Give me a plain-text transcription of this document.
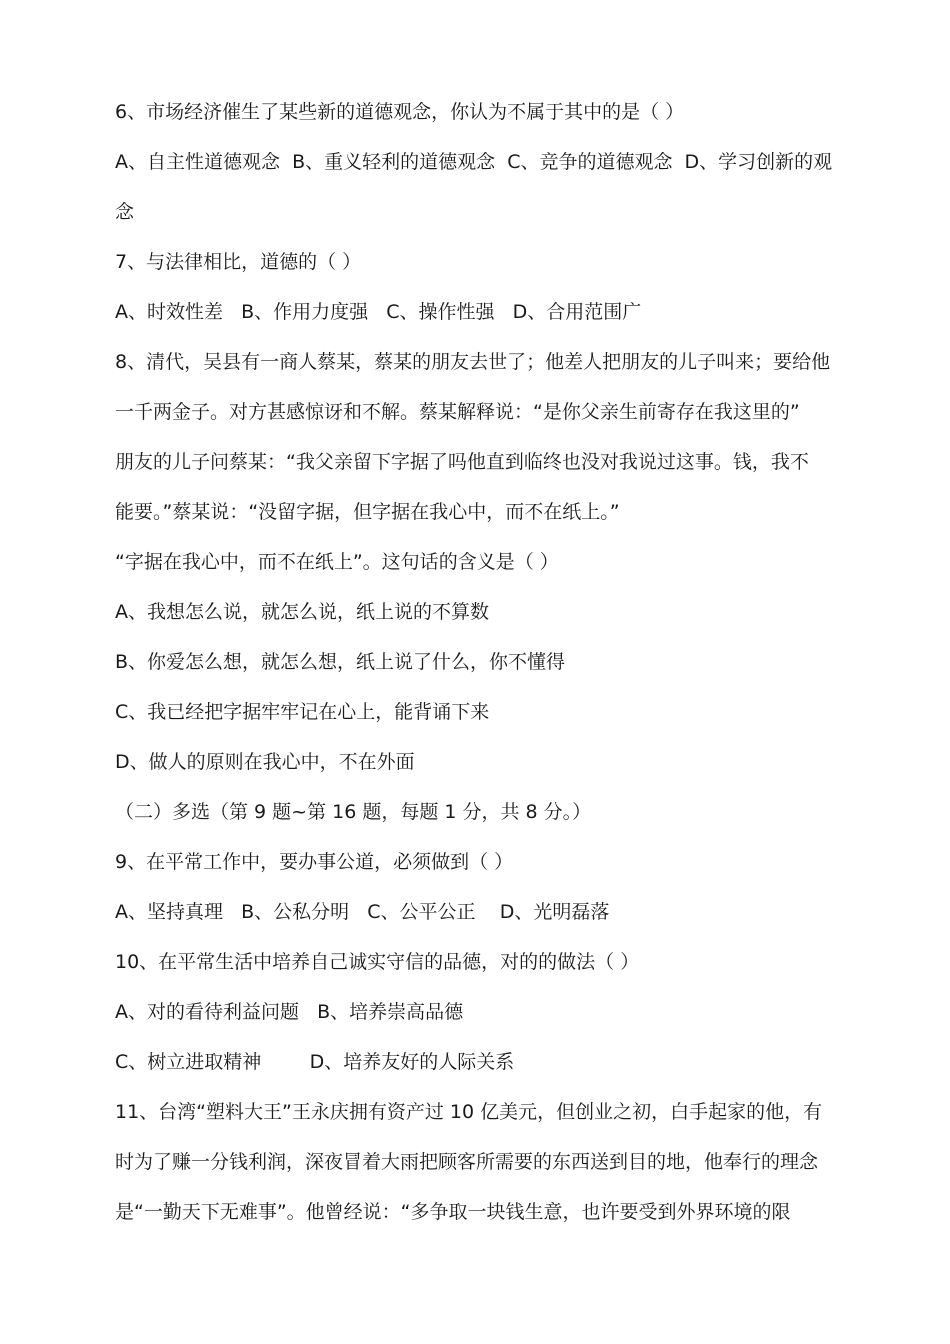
6、市场经济催生了某些新的道德观念，你认为不属于其中的是（ ）
A、自主性道德观念  B、重义轻利的道德观念  C、竞争的道德观念  D、学习创新的观
念
7、与法律相比，道德的（ ）
A、时效性差   B、作用力度强   C、操作性强   D、合用范围广
8、清代，吴县有一商人蔡某，蔡某的朋友去世了；他差人把朋友的儿子叫来；要给他
一千两金子。对方甚感惊讶和不解。蔡某解释说：“是你父亲生前寄存在我这里的”
朋友的儿子问蔡某：“我父亲留下字据了吗他直到临终也没对我说过这事。钱，我不
能要。”蔡某说：“没留字据，但字据在我心中，而不在纸上。”
“字据在我心中，而不在纸上”。这句话的含义是（ ）
A、我想怎么说，就怎么说，纸上说的不算数
B、你爱怎么想，就怎么想，纸上说了什么，你不懂得
C、我已经把字据牢牢记在心上，能背诵下来
D、做人的原则在我心中，不在外面
（二）多选（第 9 题~第 16 题，每题 1 分，共 8 分。）
9、在平常工作中，要办事公道，必须做到（ ）
A、坚持真理   B、公私分明   C、公平公正    D、光明磊落
10、在平常生活中培养自己诚实守信的品德，对的的做法（ ）
A、对的看待利益问题   B、培养崇高品德
C、树立进取精神        D、培养友好的人际关系
11、台湾“塑料大王”王永庆拥有资产过 10 亿美元，但创业之初，白手起家的他，有
时为了赚一分钱利润，深夜冒着大雨把顾客所需要的东西送到目的地，他奉行的理念
是“一勤天下无难事”。他曾经说：“多争取一块钱生意，也许要受到外界环境的限
